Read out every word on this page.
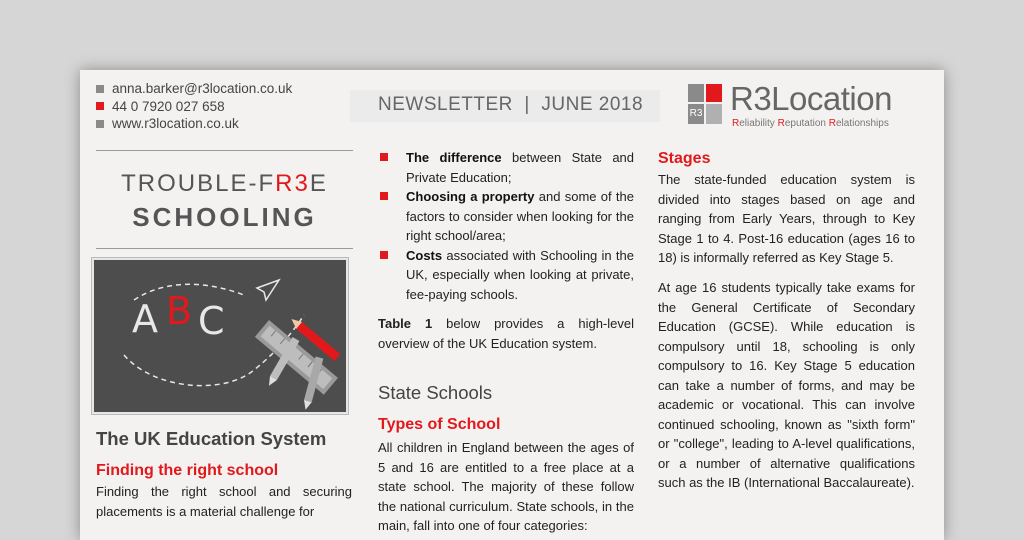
anna.barker@r3location.co.uk
44 0 7920 027 658
www.r3location.co.uk
NEWSLETTER  |  JUNE 2018	R3 R3Location
Reliability Reputation Relationships
TROUBLE-FR3E
SCHOOLING
A B C
The UK Education System
Finding the right school
Finding the right school and securing placements is a material challenge for
The difference between State and Private Education;
Choosing a property and some of the factors to consider when looking for the right school/area;
Costs associated with Schooling in the UK, especially when looking at private, fee-paying schools.
Table 1 below provides a high-level overview of the UK Education system.
State Schools
Types of School
All children in England between the ages of 5 and 16 are entitled to a free place at a state school. The majority of these follow the national curriculum. State schools, in the main, fall into one of four categories:
Stages
The state-funded education system is divided into stages based on age and ranging from Early Years, through to Key Stage 1 to 4. Post-16 education (ages 16 to 18) is informally referred as Key Stage 5.
At age 16 students typically take exams for the General Certificate of Secondary Education (GCSE). While education is compulsory until 18, schooling is only compulsory to 16. Key Stage 5 education can take a number of forms, and may be academic or vocational. This can involve continued schooling, known as "sixth form" or "college", leading to A-level qualifications, or a number of alternative qualifications such as the IB (International Baccalaureate).
